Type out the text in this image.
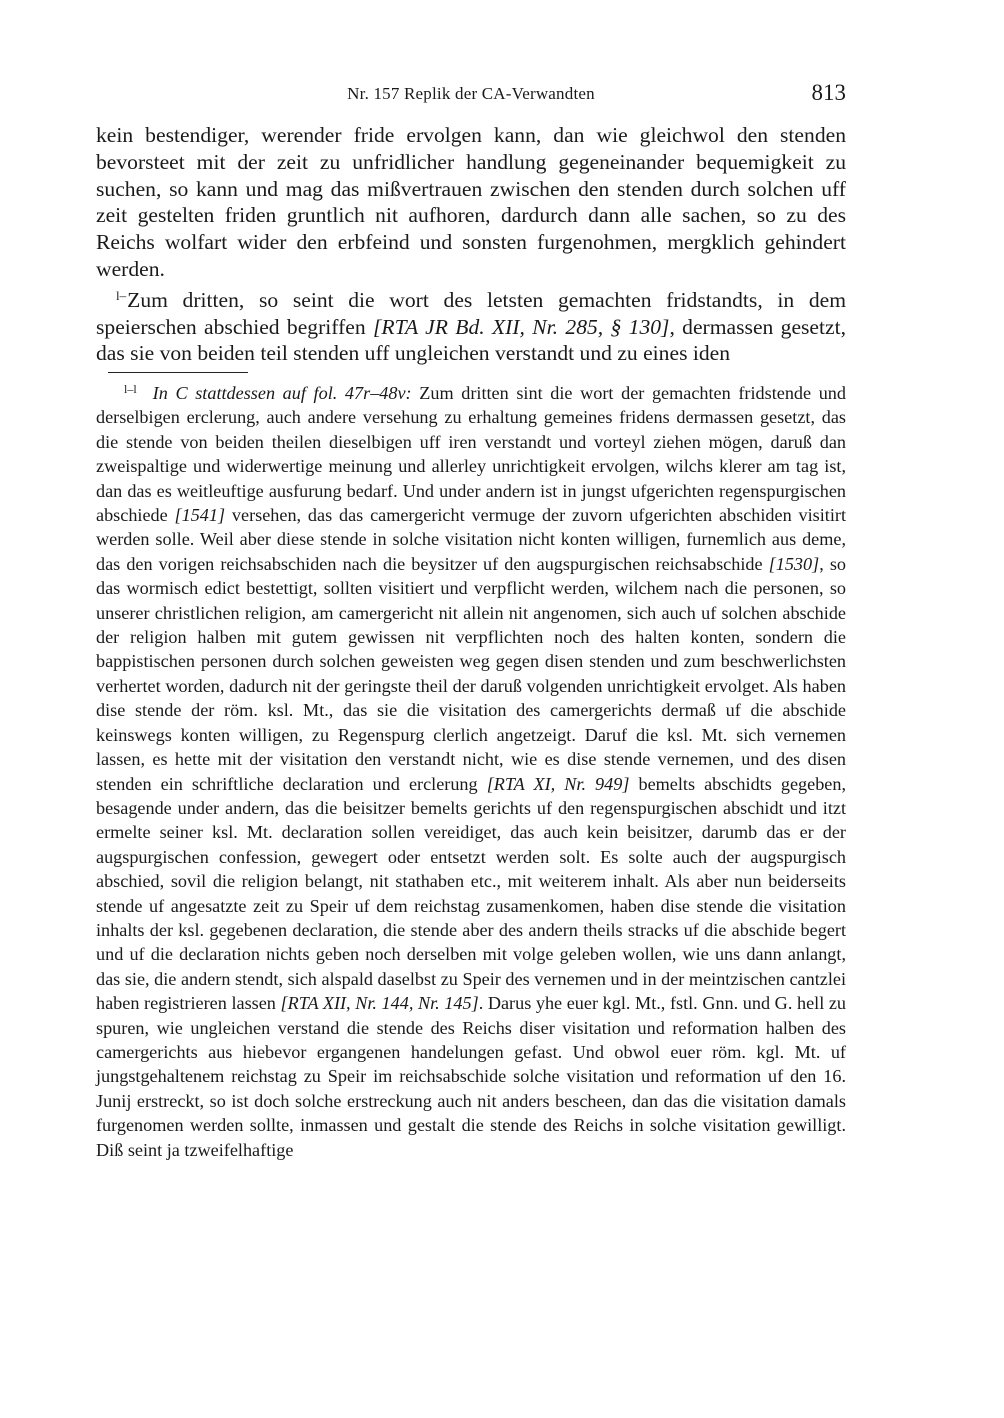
Nr. 157 Replik der CA-Verwandten	813

kein bestendiger, werender fride ervolgen kann, dan wie gleichwol den stenden bevorsteet mit der zeit zu unfridlicher handlung gegeneinander bequemigkeit zu suchen, so kann und mag das mißvertrauen zwischen den stenden durch solchen uff zeit gestelten friden gruntlich nit aufhoren, dardurch dann alle sachen, so zu des Reichs wolfart wider den erbfeind und sonsten furgenohmen, mergklich gehindert werden.

$^{l-}$Zum dritten, so seint die wort des letsten gemachten fridstandts, in dem speierschen abschied begriffen [RTA JR Bd. XII, Nr. 285, § 130], dermassen gesetzt, das sie von beiden teil stenden uff ungleichen verstandt und zu eines iden

$^{l-l}$ In C stattdessen auf fol. 47r–48v: Zum dritten sint die wort der gemachten fridstende und derselbigen erclerung, auch andere versehung zu erhaltung gemeines fridens dermassen gesetzt, das die stende von beiden theilen dieselbigen uff iren verstandt und vorteyl ziehen mögen, daruß dan zweispaltige und widerwertige meinung und allerley unrichtigkeit ervolgen, wilchs klerer am tag ist, dan das es weitleuftige ausfurung bedarf. Und under andern ist in jungst ufgerichten regenspurgischen abschiede [1541] versehen, das das camergericht vermuge der zuvorn ufgerichten abschiden visitirt werden solle. Weil aber diese stende in solche visitation nicht konten willigen, furnemlich aus deme, das den vorigen reichsabschiden nach die beysitzer uf den augspurgischen reichsabschide [1530], so das wormisch edict bestettigt, sollten visitiert und verpflicht werden, wilchem nach die personen, so unserer christlichen religion, am camergericht nit allein nit angenomen, sich auch uf solchen abschide der religion halben mit gutem gewissen nit verpflichten noch des halten konten, sondern die bappistischen personen durch solchen geweisten weg gegen disen stenden und zum beschwerlichsten verhertet worden, dadurch nit der geringste theil der daruß volgenden unrichtigkeit ervolget. Als haben dise stende der röm. ksl. Mt., das sie die visitation des camergerichts dermaß uf die abschide keinswegs konten willigen, zu Regenspurg clerlich angetzeigt. Daruf die ksl. Mt. sich vernemen lassen, es hette mit der visitation den verstandt nicht, wie es dise stende vernemen, und des disen stenden ein schriftliche declaration und erclerung [RTA XI, Nr. 949] bemelts abschidts gegeben, besagende under andern, das die beisitzer bemelts gerichts uf den regenspurgischen abschidt und itzt ermelte seiner ksl. Mt. declaration sollen vereidiget, das auch kein beisitzer, darumb das er der augspurgischen confession, gewegert oder entsetzt werden solt. Es solte auch der augspurgisch abschied, sovil die religion belangt, nit stathaben etc., mit weiterem inhalt. Als aber nun beiderseits stende uf angesatzte zeit zu Speir uf dem reichstag zusamenkomen, haben dise stende die visitation inhalts der ksl. gegebenen declaration, die stende aber des andern theils stracks uf die abschide begert und uf die declaration nichts geben noch derselben mit volge geleben wollen, wie uns dann anlangt, das sie, die andern stendt, sich alspald daselbst zu Speir des vernemen und in der meintzischen cantzlei haben registrieren lassen [RTA XII, Nr. 144, Nr. 145]. Darus yhe euer kgl. Mt., fstl. Gnn. und G. hell zu spuren, wie ungleichen verstand die stende des Reichs diser visitation und reformation halben des camergerichts aus hiebevor ergangenen handelungen gefast. Und obwol euer röm. kgl. Mt. uf jungstgehaltenem reichstag zu Speir im reichsabschide solche visitation und reformation uf den 16. Junij erstreckt, so ist doch solche erstreckung auch nit anders bescheen, dan das die visitation damals furgenomen werden sollte, inmassen und gestalt die stende des Reichs in solche visitation gewilligt. Diß seint ja tzweifelhaftige
